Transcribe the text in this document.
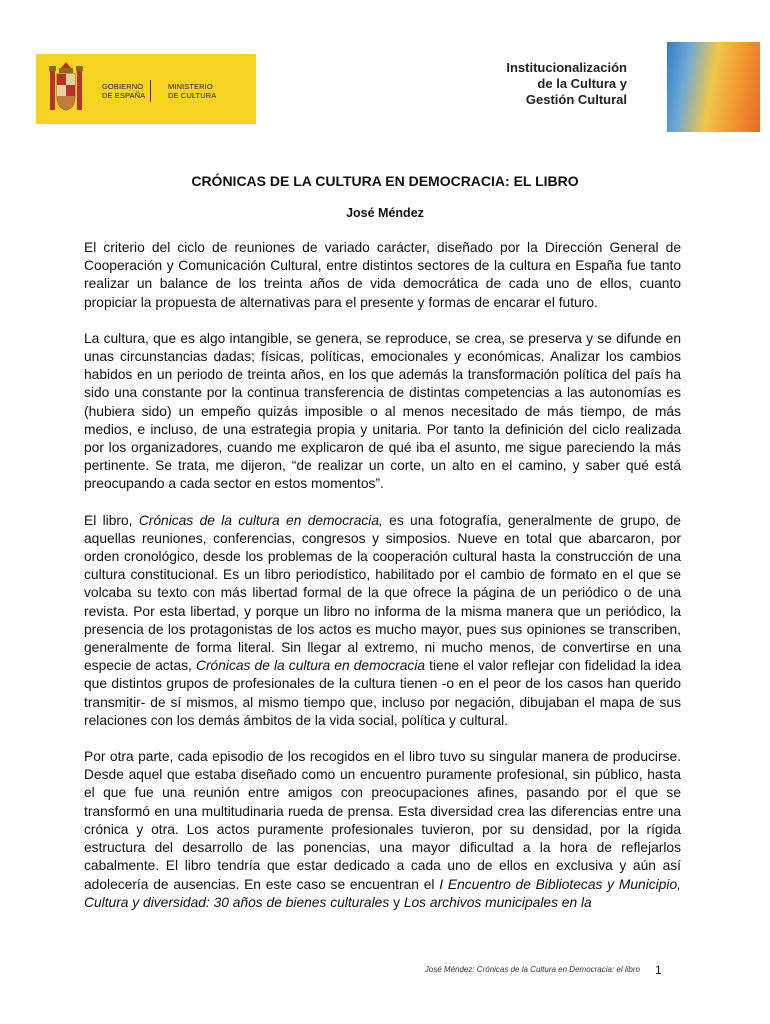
GOBIERNO
DE ESPAÑA
MINISTERIO
DE CULTURA
Institucionalización
de la Cultura y
Gestión Cultural
CRÓNICAS DE LA CULTURA EN DEMOCRACIA: EL LIBRO
José Méndez

El criterio del ciclo de reuniones de variado carácter, diseñado por la Dirección General de Cooperación y Comunicación Cultural, entre distintos sectores de la cultura en España fue tanto realizar un balance de los treinta años de vida democrática de cada uno de ellos, cuanto propiciar la propuesta de alternativas para el presente y formas de encarar el futuro.

La cultura, que es algo intangible, se genera, se reproduce, se crea, se preserva y se difunde en unas circunstancias dadas; físicas, políticas, emocionales y económicas. Analizar los cambios habidos en un periodo de treinta años, en los que además la transformación política del país ha sido una constante por la continua transferencia de distintas competencias a las autonomías es (hubiera sido) un empeño quizás imposible o al menos necesitado de más tiempo, de más medios, e incluso, de una estrategia propia y unitaria. Por tanto la definición del ciclo realizada por los organizadores, cuando me explicaron de qué iba el asunto, me sigue pareciendo la más pertinente. Se trata, me dijeron, “de realizar un corte, un alto en el camino, y saber qué está preocupando a cada sector en estos momentos”.

El libro, Crónicas de la cultura en democracia, es una fotografía, generalmente de grupo, de aquellas reuniones, conferencias, congresos y simposios. Nueve en total que abarcaron, por orden cronológico, desde los problemas de la cooperación cultural hasta la construcción de una cultura constitucional. Es un libro periodístico, habilitado por el cambio de formato en el que se volcaba su texto con más libertad formal de la que ofrece la página de un periódico o de una revista. Por esta libertad, y porque un libro no informa de la misma manera que un periódico, la presencia de los protagonistas de los actos es mucho mayor, pues sus opiniones se transcriben, generalmente de forma literal. Sin llegar al extremo, ni mucho menos, de convertirse en una especie de actas, Crónicas de la cultura en democracia tiene el valor reflejar con fidelidad la idea que distintos grupos de profesionales de la cultura tienen -o en el peor de los casos han querido transmitir- de sí mismos, al mismo tiempo que, incluso por negación, dibujaban el mapa de sus relaciones con los demás ámbitos de la vida social, política y cultural.

Por otra parte, cada episodio de los recogidos en el libro tuvo su singular manera de producirse. Desde aquel que estaba diseñado como un encuentro puramente profesional, sin público, hasta el que fue una reunión entre amigos con preocupaciones afines, pasando por el que se transformó en una multitudinaria rueda de prensa. Esta diversidad crea las diferencias entre una crónica y otra. Los actos puramente profesionales tuvieron, por su densidad, por la rígida estructura del desarrollo de las ponencias, una mayor dificultad a la hora de reflejarlos cabalmente. El libro tendría que estar dedicado a cada uno de ellos en exclusiva y aún así adolecería de ausencias. En este caso se encuentran el I Encuentro de Bibliotecas y Municipio, Cultura y diversidad: 30 años de bienes culturales y Los archivos municipales en la

José Méndez: Crónicas de la Cultura en Democracia: el libro 1
